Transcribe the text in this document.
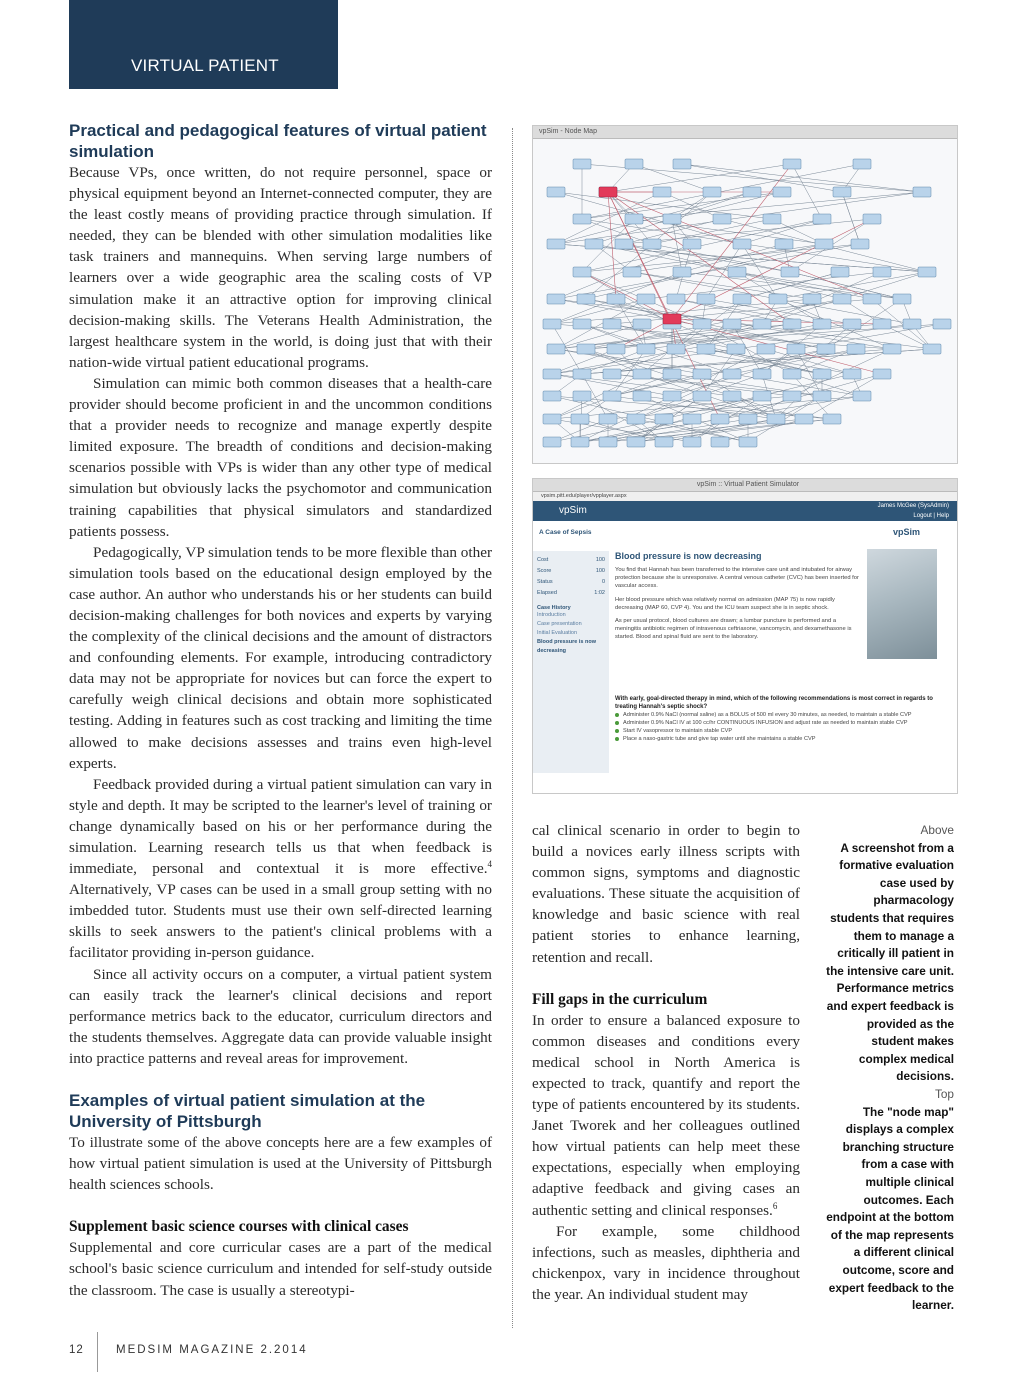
VIRTUAL PATIENT
Practical and pedagogical features of virtual patient simulation

Because VPs, once written, do not require personnel, space or physical equipment beyond an Internet-connected computer, they are the least costly means of providing practice through simulation. If needed, they can be blended with other simulation modalities like task trainers and mannequins. When serving large numbers of learners over a wide geographic area the scaling costs of VP simulation make it an attractive option for improving clinical decision-making skills. The Veterans Health Administration, the largest healthcare system in the world, is doing just that with their nation-wide virtual patient educational programs.

Simulation can mimic both common diseases that a health-care provider should become proficient in and the uncommon conditions that a provider needs to recognize and manage expertly despite limited exposure. The breadth of conditions and decision-making scenarios possible with VPs is wider than any other type of medical simulation but obviously lacks the psychomotor and communication training capabilities that physical simulators and standardized patients possess.

Pedagogically, VP simulation tends to be more flexible than other simulation tools based on the educational design employed by the case author. An author who understands his or her students can build decision-making challenges for both novices and experts by varying the complexity of the clinical decisions and the amount of distractors and confounding elements. For example, introducing contradictory data may not be appropriate for novices but can force the expert to carefully weigh clinical decisions and obtain more sophisticated testing. Adding in features such as cost tracking and limiting the time allowed to make decisions assesses and trains even high-level experts.

Feedback provided during a virtual patient simulation can vary in style and depth. It may be scripted to the learner's level of training or change dynamically based on his or her performance during the simulation. Learning research tells us that when feedback is immediate, personal and contextual it is more effective.$^4$ Alternatively, VP cases can be used in a small group setting with no imbedded tutor. Students must use their own self-directed learning skills to seek answers to the patient's clinical problems with a facilitator providing in-person guidance.

Since all activity occurs on a computer, a virtual patient system can easily track the learner's clinical decisions and report performance metrics back to the educator, curriculum directors and the students themselves. Aggregate data can provide valuable insight into practice patterns and reveal areas for improvement.

Examples of virtual patient simulation at the University of Pittsburgh

To illustrate some of the above concepts here are a few examples of how virtual patient simulation is used at the University of Pittsburgh health sciences schools.

Supplement basic science courses with clinical cases

Supplemental and core curricular cases are a part of the medical school's basic science curriculum and intended for self-study outside the classroom. The case is usually a stereotypi-

vpSim - Node Map
vpSim :: Virtual Patient Simulator
vpsim.pitt.edu/player/vpplayer.aspx
vpSim	James McGee (SysAdmin)
Logout | Help
A Case of Sepsis
Cost	100
Score	100
Status	0
Elapsed	1:02
Case History
Introduction
Case presentation
Initial Evaluation
Blood pressure is now decreasing
vpSim
Blood pressure is now decreasing
You find that Hannah has been transferred to the intensive care unit and intubated for airway protection because she is unresponsive. A central venous catheter (CVC) has been inserted for vascular access.
Her blood pressure which was relatively normal on admission (MAP 75) is now rapidly decreasing (MAP 60, CVP 4). You and the ICU team suspect she is in septic shock.
As per usual protocol, blood cultures are drawn; a lumbar puncture is performed and a meningitis antibiotic regimen of intravenous ceftriaxone, vancomycin, and dexamethasone is started. Blood and spinal fluid are sent to the laboratory.
With early, goal-directed therapy in mind, which of the following recommendations is most correct in regards to treating Hannah's septic shock?
Administer 0.9% NaCl (normal saline) as a BOLUS of 500 ml every 30 minutes, as needed, to maintain a stable CVP
Administer 0.9% NaCl IV at 100 cc/hr CONTINUOUS INFUSION and adjust rate as needed to maintain stable CVP
Start IV vasopressor to maintain stable CVP
Place a naso-gastric tube and give tap water until she maintains a stable CVP

cal clinical scenario in order to begin to build a novices early illness scripts with common signs, symptoms and diagnostic evaluations. These situate the acquisition of knowledge and basic science with real patient stories to enhance learning, retention and recall.

Fill gaps in the curriculum

In order to ensure a balanced exposure to common diseases and conditions every medical school in North America is expected to track, quantify and report the type of patients encountered by its students. Janet Tworek and her colleagues outlined how virtual patients can help meet these expectations, especially when employing adaptive feedback and giving cases an authentic setting and clinical responses.$^6$

For example, some childhood infections, such as measles, diphtheria and chickenpox, vary in incidence throughout the year. An individual student may

Above
A screenshot from a formative evaluation case used by pharmacology students that requires them to manage a critically ill patient in the intensive care unit. Performance metrics and expert feedback is provided as the student makes complex medical decisions.
Top
The "node map" displays a complex branching structure from a case with multiple clinical outcomes. Each endpoint at the bottom of the map represents a different clinical outcome, score and expert feedback to the learner.
12	MEDSIM MAGAZINE 2.2014
